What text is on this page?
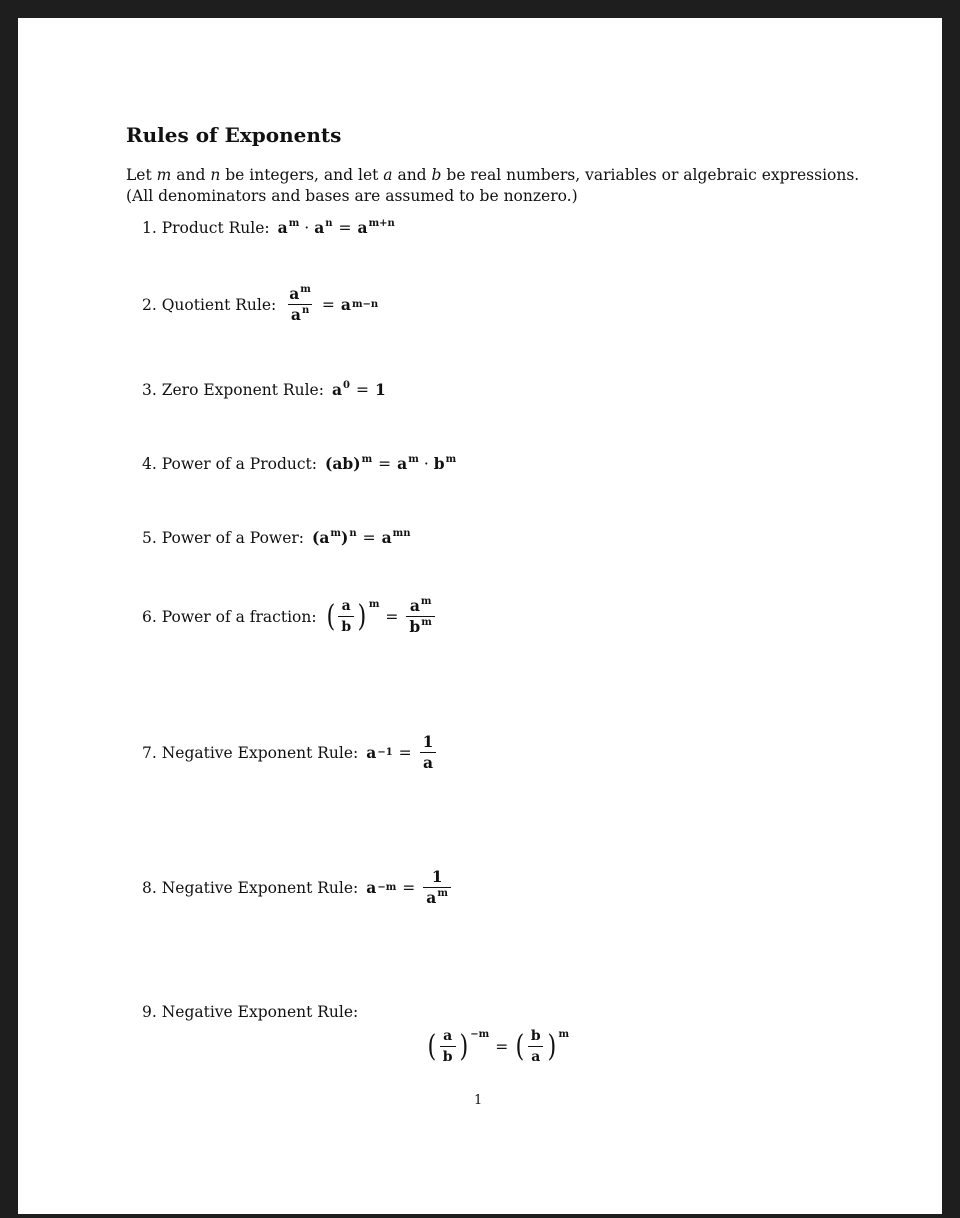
Rules of Exponents
Let m and n be integers, and let a and b be real numbers, variables or algebraic expressions.
(All denominators and bases are assumed to be nonzero.)
1. Product Rule: $a^m \cdot a^n = a^{m+n}$
2. Quotient Rule: $\frac{a^m}{a^n} = a$ m−n
3. Zero Exponent Rule: $a^0 = 1$
4. Power of a Product: $(ab)^m = a^m \cdot b^m$
5. Power of a Power: $(a^m)^n = a^{mn}$
6. Power of a fraction: ( $\frac{a}{b} )^m$
= $\frac{a^m}{b^m}$
7. Negative Exponent Rule: $a -1 = \frac{1}{a}$
8. Negative Exponent Rule: $a -m = \frac{1}{a^m}$
9. Negative Exponent Rule:
( $\frac{a}{b} )^{-m}$
= ( $\frac{b}{a} )^m$
1
